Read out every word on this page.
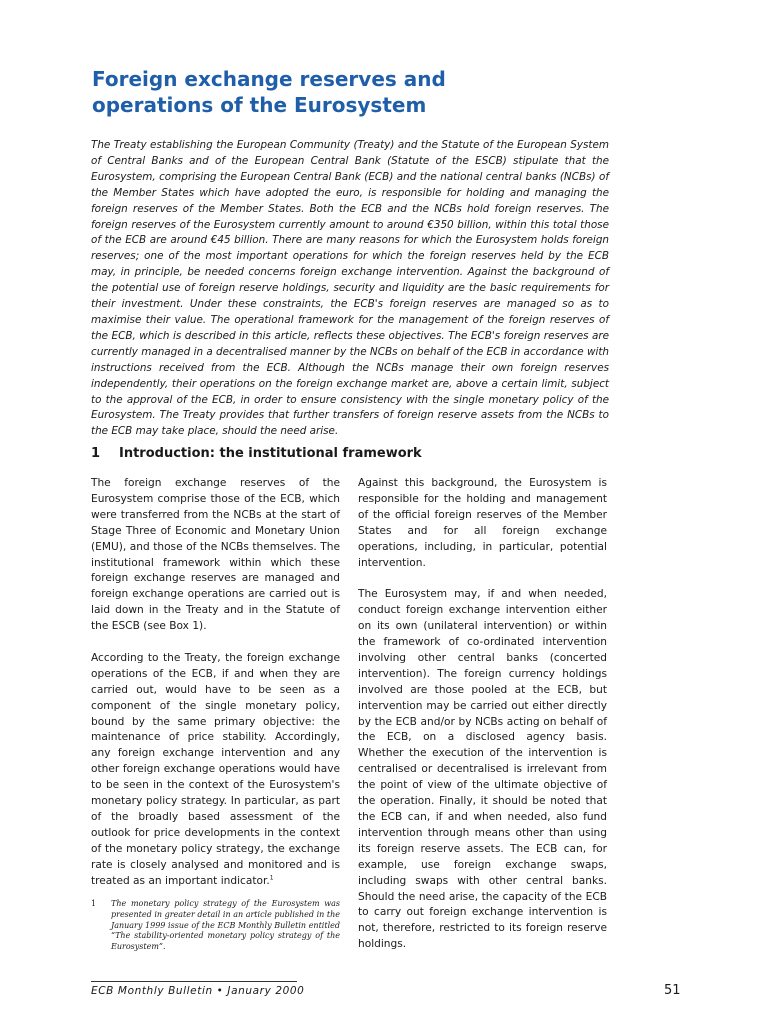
Foreign exchange reserves and
operations of the Eurosystem

The Treaty establishing the European Community (Treaty) and the Statute of the European System of Central Banks and of the European Central Bank (Statute of the ESCB) stipulate that the Eurosystem, comprising the European Central Bank (ECB) and the national central banks (NCBs) of the Member States which have adopted the euro, is responsible for holding and managing the foreign reserves of the Member States. Both the ECB and the NCBs hold foreign reserves. The foreign reserves of the Eurosystem currently amount to around €350 billion, within this total those of the ECB are around €45 billion. There are many reasons for which the Eurosystem holds foreign reserves; one of the most important operations for which the foreign reserves held by the ECB may, in principle, be needed concerns foreign exchange intervention. Against the background of the potential use of foreign reserve holdings, security and liquidity are the basic requirements for their investment. Under these constraints, the ECB's foreign reserves are managed so as to maximise their value. The operational framework for the management of the foreign reserves of the ECB, which is described in this article, reflects these objectives. The ECB's foreign reserves are currently managed in a decentralised manner by the NCBs on behalf of the ECB in accordance with instructions received from the ECB. Although the NCBs manage their own foreign reserves independently, their operations on the foreign exchange market are, above a certain limit, subject to the approval of the ECB, in order to ensure consistency with the single monetary policy of the Eurosystem. The Treaty provides that further transfers of foreign reserve assets from the NCBs to the ECB may take place, should the need arise.

1 Introduction: the institutional framework

The foreign exchange reserves of the Eurosystem comprise those of the ECB, which were transferred from the NCBs at the start of Stage Three of Economic and Monetary Union (EMU), and those of the NCBs themselves. The institutional framework within which these foreign exchange reserves are managed and foreign exchange operations are carried out is laid down in the Treaty and in the Statute of the ESCB (see Box 1).

According to the Treaty, the foreign exchange operations of the ECB, if and when they are carried out, would have to be seen as a component of the single monetary policy, bound by the same primary objective: the maintenance of price stability. Accordingly, any foreign exchange intervention and any other foreign exchange operations would have to be seen in the context of the Eurosystem's monetary policy strategy. In particular, as part of the broadly based assessment of the outlook for price developments in the context of the monetary policy strategy, the exchange rate is closely analysed and monitored and is treated as an important indicator.$^1$

1	The monetary policy strategy of the Eurosystem was presented in greater detail in an article published in the January 1999 issue of the ECB Monthly Bulletin entitled “The stability-oriented monetary policy strategy of the Eurosystem”.

Against this background, the Eurosystem is responsible for the holding and management of the official foreign reserves of the Member States and for all foreign exchange operations, including, in particular, potential intervention.

The Eurosystem may, if and when needed, conduct foreign exchange intervention either on its own (unilateral intervention) or within the framework of co-ordinated intervention involving other central banks (concerted intervention). The foreign currency holdings involved are those pooled at the ECB, but intervention may be carried out either directly by the ECB and/or by NCBs acting on behalf of the ECB, on a disclosed agency basis. Whether the execution of the intervention is centralised or decentralised is irrelevant from the point of view of the ultimate objective of the operation. Finally, it should be noted that the ECB can, if and when needed, also fund intervention through means other than using its foreign reserve assets. The ECB can, for example, use foreign exchange swaps, including swaps with other central banks. Should the need arise, the capacity of the ECB to carry out foreign exchange intervention is not, therefore, restricted to its foreign reserve holdings.

ECB Monthly Bulletin • January 2000	51
